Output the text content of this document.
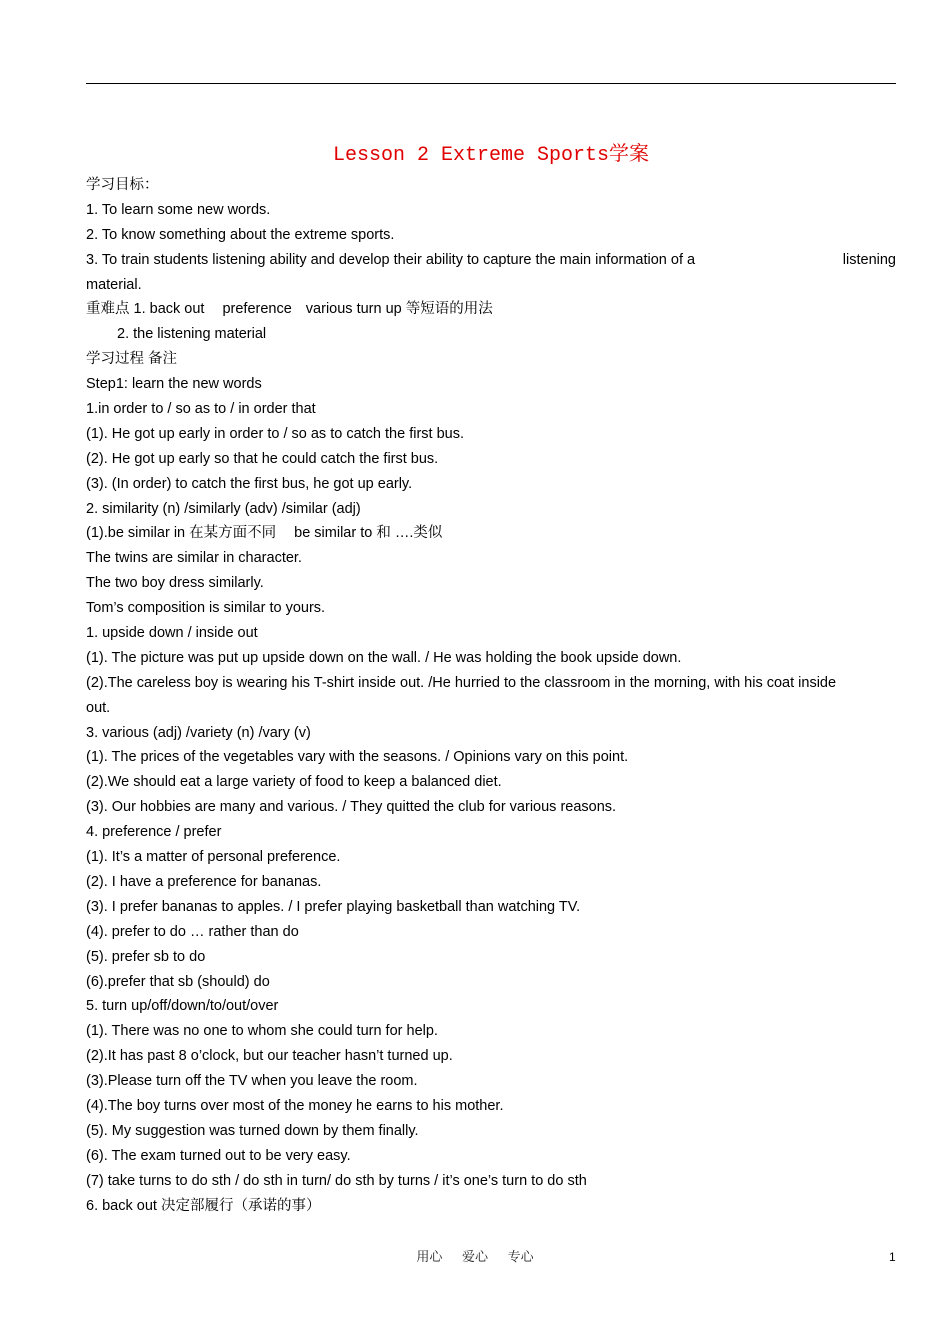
Lesson 2 Extreme Sports学案
学习目标：
1. To learn some new words.
2. To know something about the extreme sports.
3. To train students listening ability and develop their ability to capture the main information of a	listening
material.
重难点 1. back out preference various turn up 等短语的用法
2. the listening material
学习过程 备注
Step1: learn the new words
1.in order to / so as to / in order that
(1). He got up early in order to / so as to catch the first bus.
(2). He got up early so that he could catch the first bus.
(3). (In order) to catch the first bus, he got up early.
2. similarity (n) /similarly (adv) /similar (adj)
(1).be similar in 在某方面不同 be similar to 和 ….类似
The twins are similar in character.
The two boy dress similarly.
Tom’s composition is similar to yours.
1. upside down / inside out
(1). The picture was put up upside down on the wall. / He was holding the book upside down.
(2).The careless boy is wearing his T-shirt inside out. /He hurried to the classroom in the morning, with his coat inside
out.
3. various (adj) /variety (n) /vary (v)
(1). The prices of the vegetables vary with the seasons. / Opinions vary on this point.
(2).We should eat a large variety of food to keep a balanced diet.
(3). Our hobbies are many and various. / They quitted the club for various reasons.
4. preference / prefer
(1). It’s a matter of personal preference.
(2). I have a preference for bananas.
(3). I prefer bananas to apples. / I prefer playing basketball than watching TV.
(4). prefer to do … rather than do
(5). prefer sb to do
(6).prefer that sb (should) do
5. turn up/off/down/to/out/over
(1). There was no one to whom she could turn for help.
(2).It has past 8 o’clock, but our teacher hasn’t turned up.
(3).Please turn off the TV when you leave the room.
(4).The boy turns over most of the money he earns to his mother.
(5). My suggestion was turned down by them finally.
(6). The exam turned out to be very easy.
(7) take turns to do sth / do sth in turn/ do sth by turns / it’s one’s turn to do sth
6. back out 决定部履行（承诺的事）
用心 爱心 专心	1
